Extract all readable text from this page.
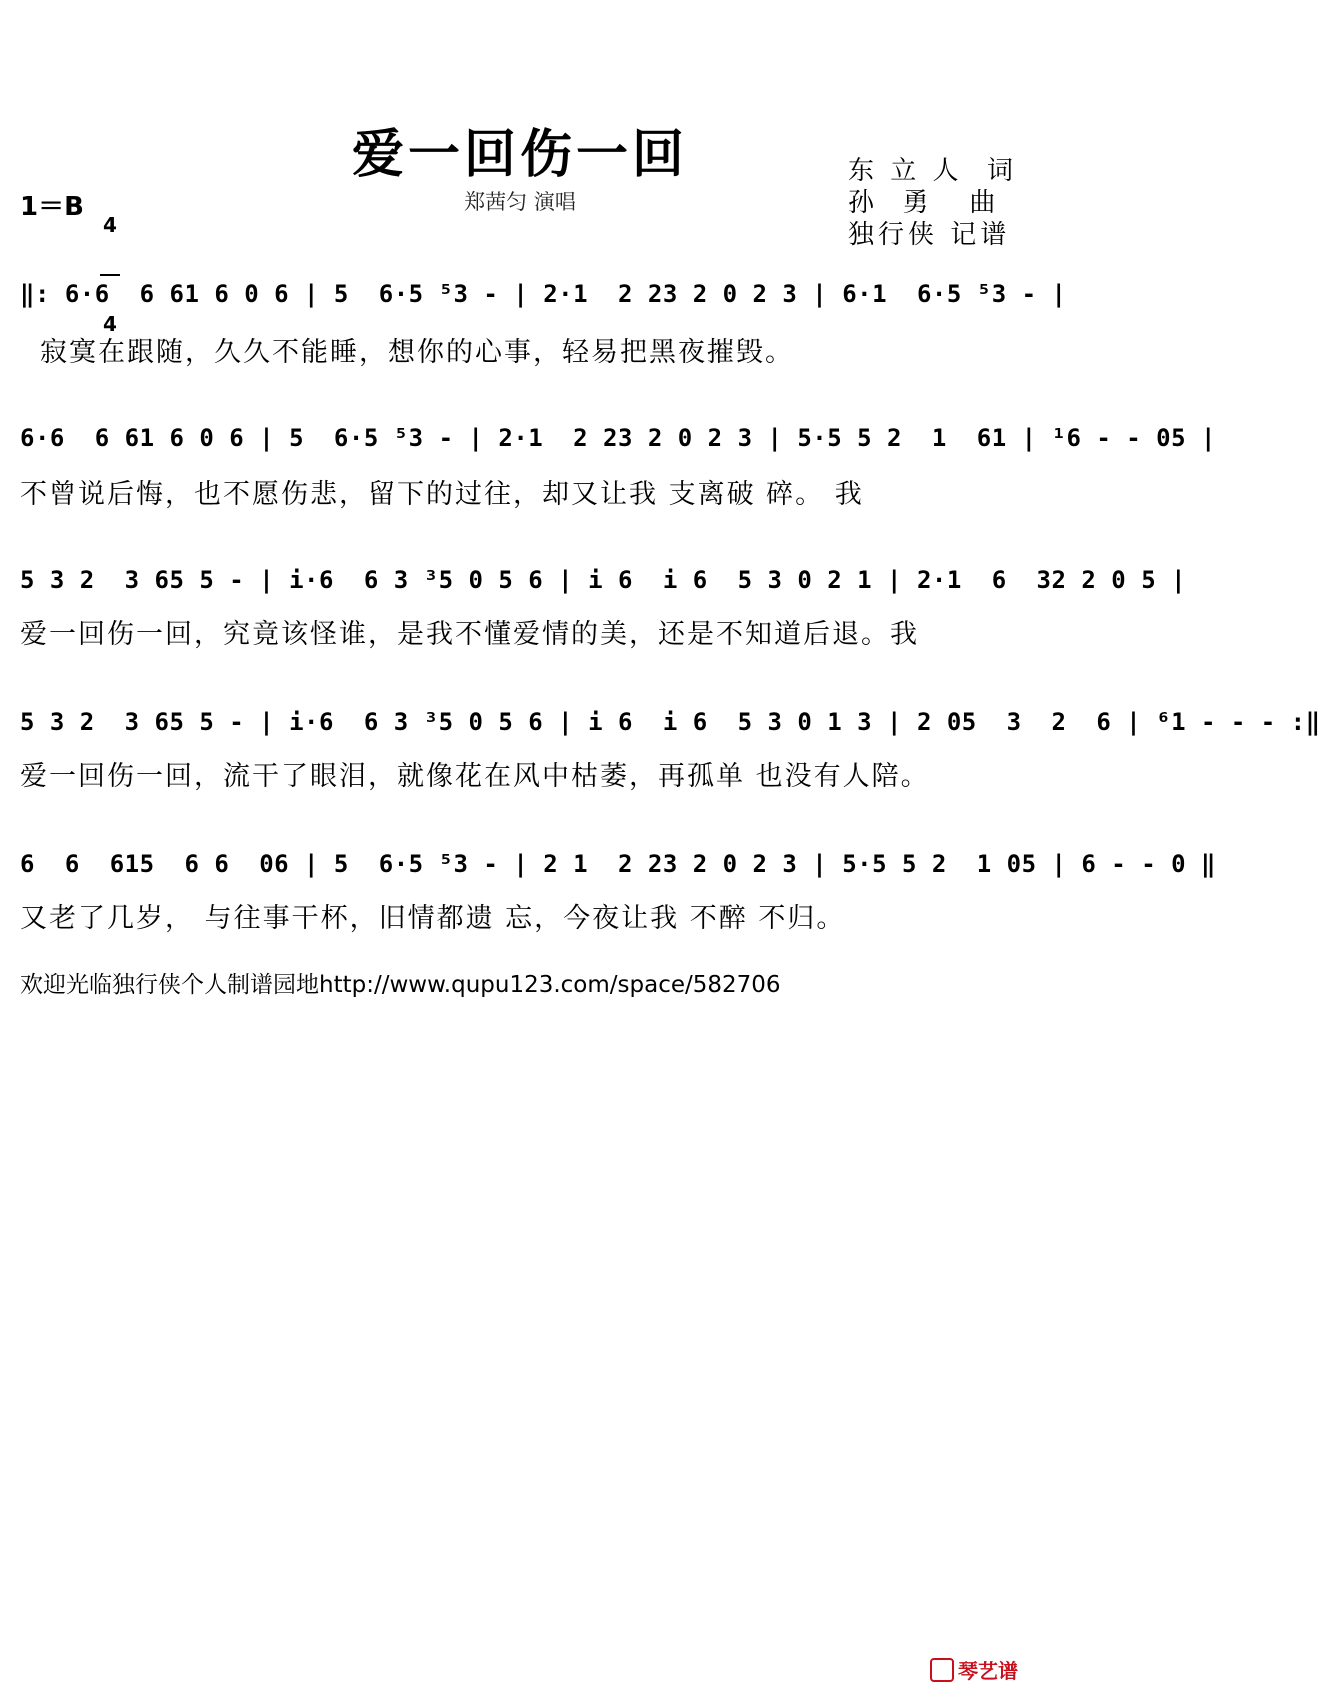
爱一回伤一回
郑茜匀 演唱
东 立 人  词
孙  勇   曲
独行侠 记谱
1＝B

4

4

‖: 6·6  6 61 6 0 6 | 5  6·5 ⁵3 - | 2·1  2 23 2 0 2 3 | 6·1  6·5 ⁵3 - |
寂寞在跟随，久久不能睡，想你的心事，轻易把黑夜摧毁。
6·6  6 61 6 0 6 | 5  6·5 ⁵3 - | 2·1  2 23 2 0 2 3 | 5·5 5 2  1  61 | ¹6 - - 05 |
不曾说后悔，也不愿伤悲，留下的过往，却又让我 支离破 碎。 我
5 3 2  3 65 5 - | i·6  6 3 ³5 0 5 6 | i 6  i 6  5 3 0 2 1 | 2·1  6  32 2 0 5 |
爱一回伤一回，究竟该怪谁，是我不懂爱情的美，还是不知道后退。我
5 3 2  3 65 5 - | i·6  6 3 ³5 0 5 6 | i 6  i 6  5 3 0 1 3 | 2 05  3  2  6 | ⁶1 - - - :‖
爱一回伤一回，流干了眼泪，就像花在风中枯萎，再孤单 也没有人陪。
6  6  615  6 6  06 | 5  6·5 ⁵3 - | 2 1  2 23 2 0 2 3 | 5·5 5 2  1 05 | 6 - - 0 ‖
又老了几岁， 与往事干杯，旧情都遗 忘，今夜让我 不醉 不归。
欢迎光临独行侠个人制谱园地http://www.qupu123.com/space/582706
琴艺谱
